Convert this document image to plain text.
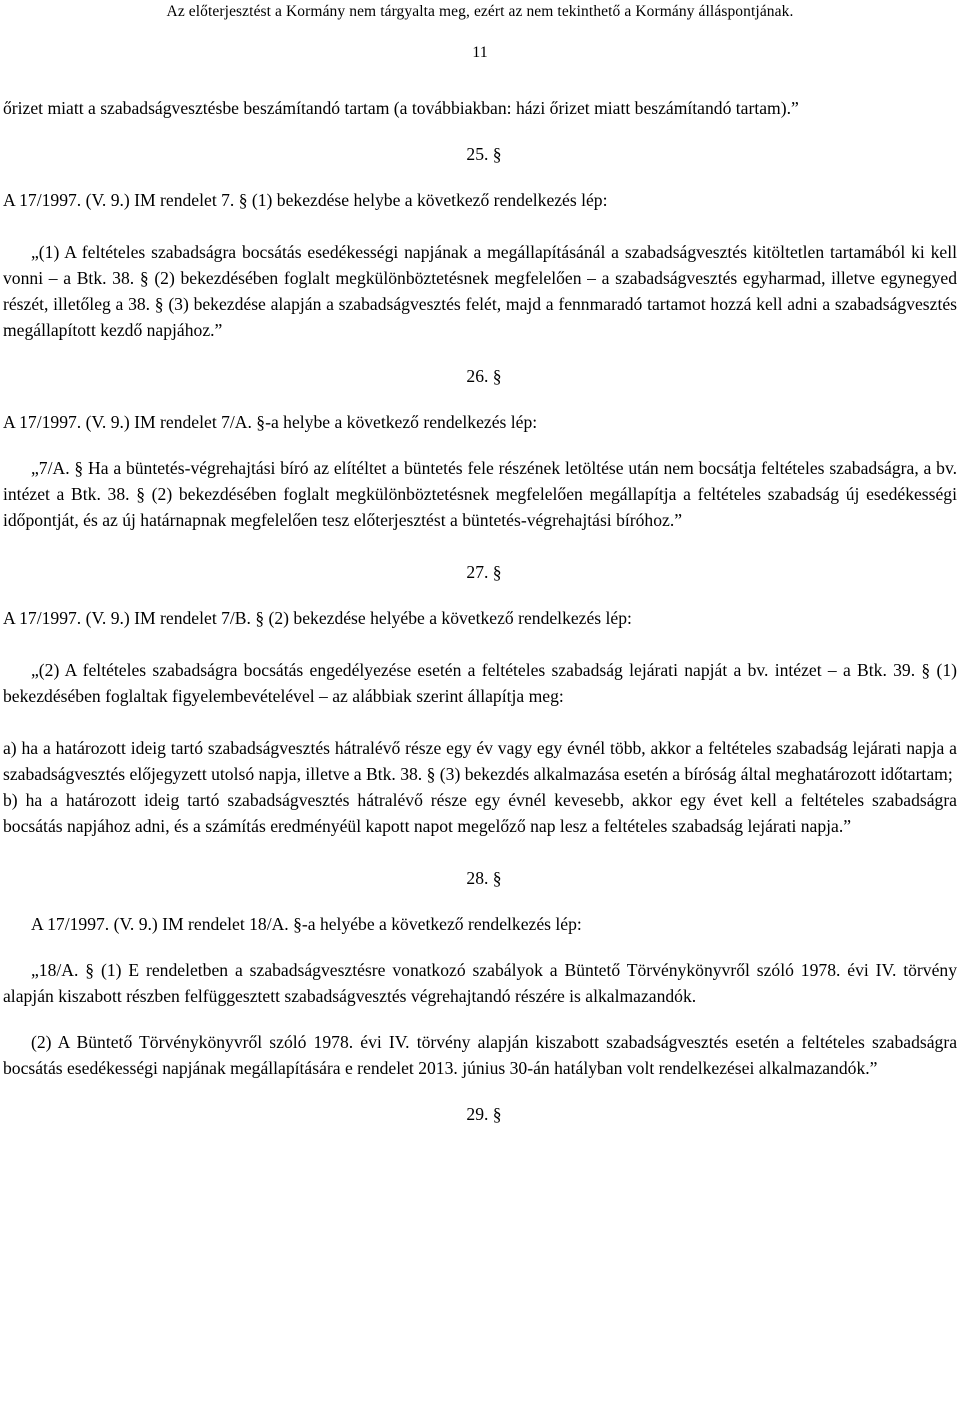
Az előterjesztést a Kormány nem tárgyalta meg, ezért az nem tekinthető a Kormány álláspontjának.
11

őrizet miatt a szabadságvesztésbe beszámítandó tartam (a továbbiakban: házi őrizet miatt beszámítandó tartam).”

25. §

A 17/1997. (V. 9.) IM rendelet 7. § (1) bekezdése helybe a következő rendelkezés lép:

„(1) A feltételes szabadságra bocsátás esedékességi napjának a megállapításánál a szabadságvesztés kitöltetlen tartamából ki kell vonni – a Btk. 38. § (2) bekezdésében foglalt megkülönböztetésnek megfelelően – a szabadságvesztés egyharmad, illetve egynegyed részét, illetőleg a 38. § (3) bekezdése alapján a szabadságvesztés felét, majd a fennmaradó tartamot hozzá kell adni a szabadságvesztés megállapított kezdő napjához.”

26. §

A 17/1997. (V. 9.) IM rendelet 7/A. §-a helybe a következő rendelkezés lép:

„7/A. § Ha a büntetés-végrehajtási bíró az elítéltet a büntetés fele részének letöltése után nem bocsátja feltételes szabadságra, a bv. intézet a Btk. 38. § (2) bekezdésében foglalt megkülönböztetésnek megfelelően megállapítja a feltételes szabadság új esedékességi időpontját, és az új határnapnak megfelelően tesz előterjesztést a büntetés-végrehajtási bíróhoz.”

27. §

A 17/1997. (V. 9.) IM rendelet 7/B. § (2) bekezdése helyébe a következő rendelkezés lép:

„(2) A feltételes szabadságra bocsátás engedélyezése esetén a feltételes szabadság lejárati napját a bv. intézet – a Btk. 39. § (1) bekezdésében foglaltak figyelembevételével – az alábbiak szerint állapítja meg:

a) ha a határozott ideig tartó szabadságvesztés hátralévő része egy év vagy egy évnél több, akkor a feltételes szabadság lejárati napja a szabadságvesztés előjegyzett utolsó napja, illetve a Btk. 38. § (3) bekezdés alkalmazása esetén a bíróság által meghatározott időtartam;

b) ha a határozott ideig tartó szabadságvesztés hátralévő része egy évnél kevesebb, akkor egy évet kell a feltételes szabadságra bocsátás napjához adni, és a számítás eredményéül kapott napot megelőző nap lesz a feltételes szabadság lejárati napja.”

28. §

A 17/1997. (V. 9.) IM rendelet 18/A. §-a helyébe a következő rendelkezés lép:

„18/A. § (1) E rendeletben a szabadságvesztésre vonatkozó szabályok a Büntető Törvénykönyvről szóló 1978. évi IV. törvény alapján kiszabott részben felfüggesztett szabadságvesztés végrehajtandó részére is alkalmazandók.

(2) A Büntető Törvénykönyvről szóló 1978. évi IV. törvény alapján kiszabott szabadságvesztés esetén a feltételes szabadságra bocsátás esedékességi napjának megállapítására e rendelet 2013. június 30-án hatályban volt rendelkezései alkalmazandók.”

29. §
